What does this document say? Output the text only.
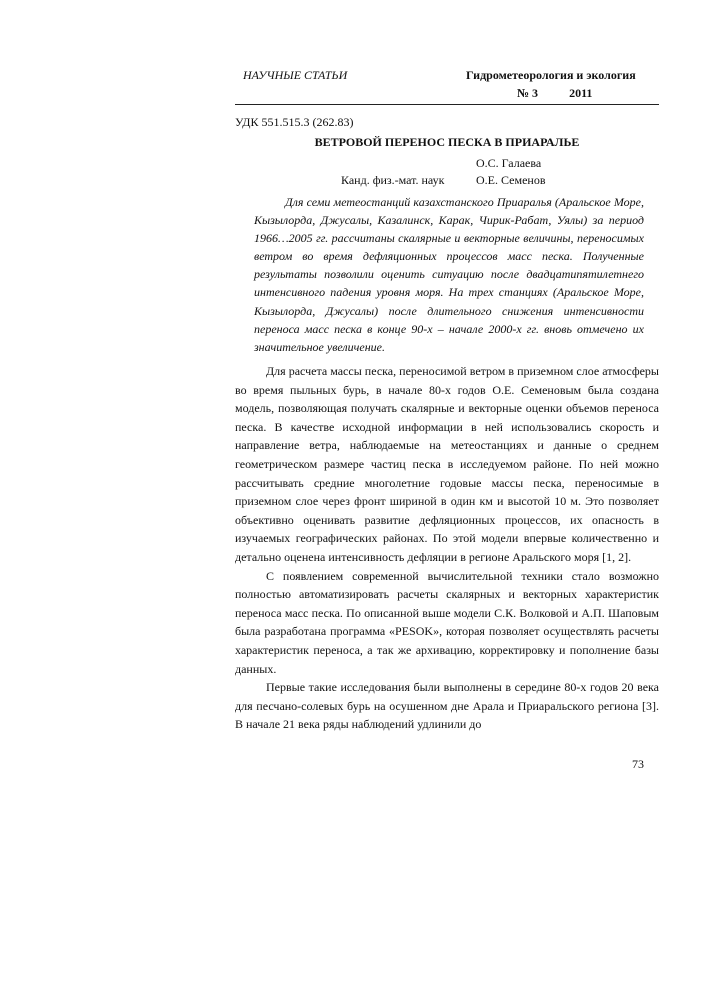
НАУЧНЫЕ СТАТЬИ	Гидрометеорология и экология
№ 3	2011
УДК 551.515.3 (262.83)
ВЕТРОВОЙ ПЕРЕНОС ПЕСКА В ПРИАРАЛЬЕ
Канд. физ.-мат. наук
О.С. Галаева
О.Е. Семенов
Для семи метеостанций казахстанского Приаралья (Аральское Море, Кызылорда, Джусалы, Казалинск, Карак, Чирик-Рабат, Уялы) за период 1966…2005 гг. рассчитаны скалярные и векторные величины, переносимых ветром во время дефляционных процессов масс песка. Полученные результаты позволили оценить ситуацию после двадцатипятилетнего интенсивного падения уровня моря. На трех станциях (Аральское Море, Кызылорда, Джусалы) после длительного снижения интенсивности переноса масс песка в конце 90-х – начале 2000-х гг. вновь отмечено их значительное увеличение.

Для расчета массы песка, переносимой ветром в приземном слое атмосферы во время пыльных бурь, в начале 80-х годов О.Е. Семеновым была создана модель, позволяющая получать скалярные и векторные оценки объемов переноса песка. В качестве исходной информации в ней использовались скорость и направление ветра, наблюдаемые на метеостанциях и данные о среднем геометрическом размере частиц песка в исследуемом районе. По ней можно рассчитывать средние многолетние годовые массы песка, переносимые в приземном слое через фронт шириной в один км и высотой 10 м. Это позволяет объективно оценивать развитие дефляционных процессов, их опасность в изучаемых географических районах. По этой модели впервые количественно и детально оценена интенсивность дефляции в регионе Аральского моря [1, 2].

С появлением современной вычислительной техники стало возможно полностью автоматизировать расчеты скалярных и векторных характеристик переноса масс песка. По описанной выше модели С.К. Волковой и А.П. Шаповым была разработана программа «PESOK», которая позволяет осуществлять расчеты характеристик переноса, а так же архивацию, корректировку и пополнение базы данных.

Первые такие исследования были выполнены в середине 80-х годов 20 века для песчано-солевых бурь на осушенном дне Арала и Приаральского региона [3]. В начале 21 века ряды наблюдений удлинили до

73
